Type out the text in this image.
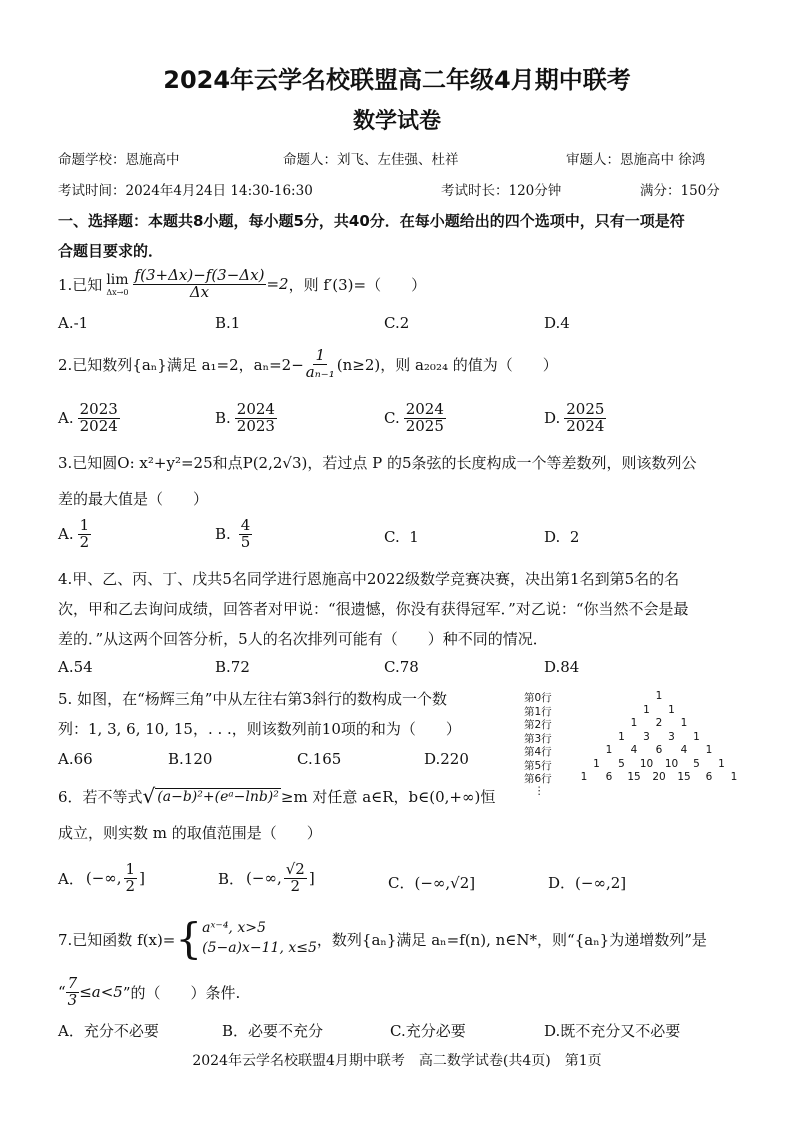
2024年云学名校联盟高二年级4月期中联考
数学试卷
命题学校：恩施高中	命题人：刘飞、左佳强、杜祥	审题人：恩施高中 徐鸿
考试时间：2024年4月24日 14:30-16:30	考试时长：120分钟	满分：150分
一、选择题：本题共8小题，每小题5分，共40分．在每小题给出的四个选项中，只有一项是符
合题目要求的．
1.已知 lim
$\Delta x\to 0 \frac{f(3+\Delta x)-f(3-\Delta x)}{\Delta x} =2$ ，则 f′(3)=（　　）
A.-1	B.1	C.2	D.4
2.已知数列{aₙ}满足 a₁=2，$a_n=2- \frac{1}{\text{aₙ₋₁}} (n\ge 2)$，则 a₂₀₂₄ 的值为（　　）
A. $\frac{2023}{2024}$	B. $\frac{2024}{2023}$	C. $\frac{2024}{2025}$	D. $\frac{2025}{2024}$
3.已知圆O: x²+y²=25和点P(2,2√3)，若过点 P 的5条弦的长度构成一个等差数列，则该数列公
差的最大值是（　　）
A. $\frac{1}{2}$	B. $\frac{4}{5}$	C. 1	D. 2
4.甲、乙、丙、丁、戊共5名同学进行恩施高中2022级数学竞赛决赛，决出第1名到第5名的名
次，甲和乙去询问成绩，回答者对甲说：“很遗憾，你没有获得冠军．”对乙说：“你当然不会是最
差的．”从这两个回答分析，5人的名次排列可能有（　　）种不同的情况．
A.54	B.72	C.78	D.84
5. 如图，在“杨辉三角”中从左往右第3斜行的数构成一个数
列：1, 3, 6, 10, 15，. . .，则该数列前10项的和为（　　）
A.66	B.120	C.165	D.220
第0行	1
第1行	1	1
第2行	1	2	1
第3行	1	3	3	1
第4行	1	4	6	4	1
第5行	1	5	10 10	5	1
第6行	1	6	15 20 15	6	1
⋮
6．若不等式 √ (a−b)²+(eᵃ−lnb)² ≥m 对任意 a∈R，b∈(0,+∞)恒
成立，则实数 m 的取值范围是（　　）
A． (−∞, $\frac{1}{2}$ ]	B． (−∞, $\frac{√2}{2}$ ]	C．(−∞,√2]	D．(−∞,2]
7.已知函数 f(x)= { aˣ⁻⁴, x>5
(5−a)x−11, x≤5 ，数列{aₙ}满足 aₙ=f(n), n∈N*，则“{aₙ}为递增数列”是
“ $\frac{7}{3} \le a<5$ ”的（　　）条件.
A．充分不必要	B．必要不充分	C.充分必要	D.既不充分又不必要
2024年云学名校联盟4月期中联考　高二数学试卷(共4页)　第1页
